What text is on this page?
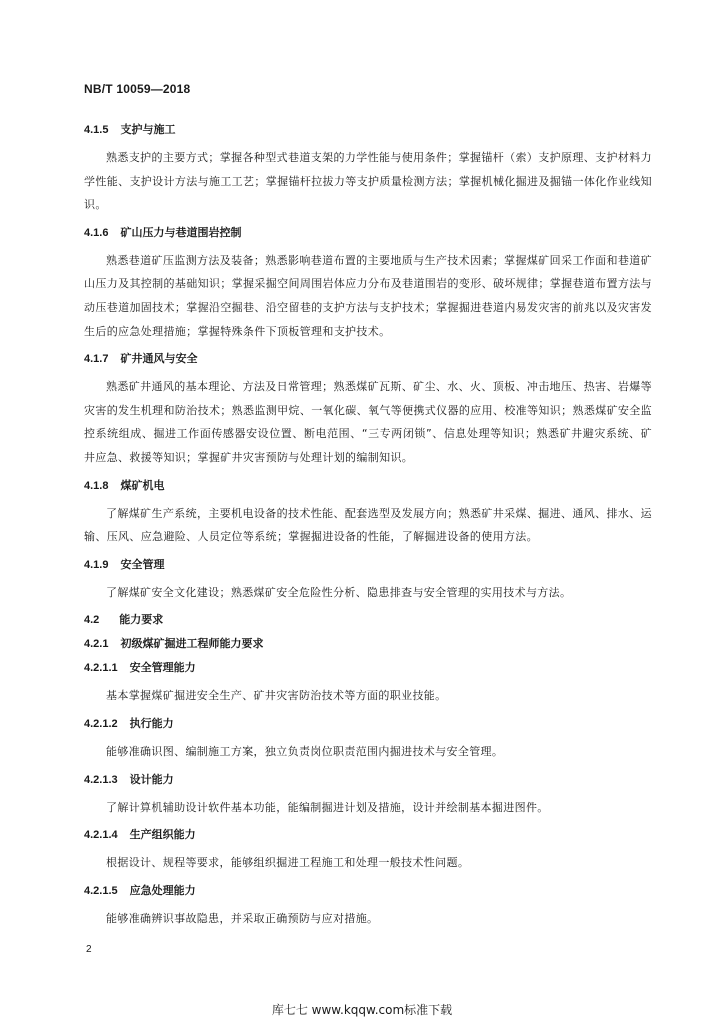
NB/T 10059—2018
4.1.5 支护与施工

熟悉支护的主要方式；掌握各种型式巷道支架的力学性能与使用条件；掌握锚杆（索）支护原理、支护材料力学性能、支护设计方法与施工工艺；掌握锚杆拉拔力等支护质量检测方法；掌握机械化掘进及掘锚一体化作业线知识。

4.1.6 矿山压力与巷道围岩控制

熟悉巷道矿压监测方法及装备；熟悉影响巷道布置的主要地质与生产技术因素；掌握煤矿回采工作面和巷道矿山压力及其控制的基础知识；掌握采掘空间周围岩体应力分布及巷道围岩的变形、破坏规律；掌握巷道布置方法与动压巷道加固技术；掌握沿空掘巷、沿空留巷的支护方法与支护技术；掌握掘进巷道内易发灾害的前兆以及灾害发生后的应急处理措施；掌握特殊条件下顶板管理和支护技术。

4.1.7 矿井通风与安全

熟悉矿井通风的基本理论、方法及日常管理；熟悉煤矿瓦斯、矿尘、水、火、顶板、冲击地压、热害、岩爆等灾害的发生机理和防治技术；熟悉监测甲烷、一氧化碳、氧气等便携式仪器的应用、校准等知识；熟悉煤矿安全监控系统组成、掘进工作面传感器安设位置、断电范围、“三专两闭锁”、信息处理等知识；熟悉矿井避灾系统、矿井应急、救援等知识；掌握矿井灾害预防与处理计划的编制知识。

4.1.8 煤矿机电

了解煤矿生产系统，主要机电设备的技术性能、配套选型及发展方向；熟悉矿井采煤、掘进、通风、排水、运输、压风、应急避险、人员定位等系统；掌握掘进设备的性能，了解掘进设备的使用方法。

4.1.9 安全管理

了解煤矿安全文化建设；熟悉煤矿安全危险性分析、隐患排查与安全管理的实用技术与方法。

4.2 能力要求
4.2.1 初级煤矿掘进工程师能力要求
4.2.1.1 安全管理能力

基本掌握煤矿掘进安全生产、矿井灾害防治技术等方面的职业技能。

4.2.1.2 执行能力

能够准确识图、编制施工方案，独立负责岗位职责范围内掘进技术与安全管理。

4.2.1.3 设计能力

了解计算机辅助设计软件基本功能，能编制掘进计划及措施，设计并绘制基本掘进图件。

4.2.1.4 生产组织能力

根据设计、规程等要求，能够组织掘进工程施工和处理一般技术性问题。

4.2.1.5 应急处理能力

能够准确辨识事故隐患，并采取正确预防与应对措施。

2
库七七 www.kqqw.com标准下载
